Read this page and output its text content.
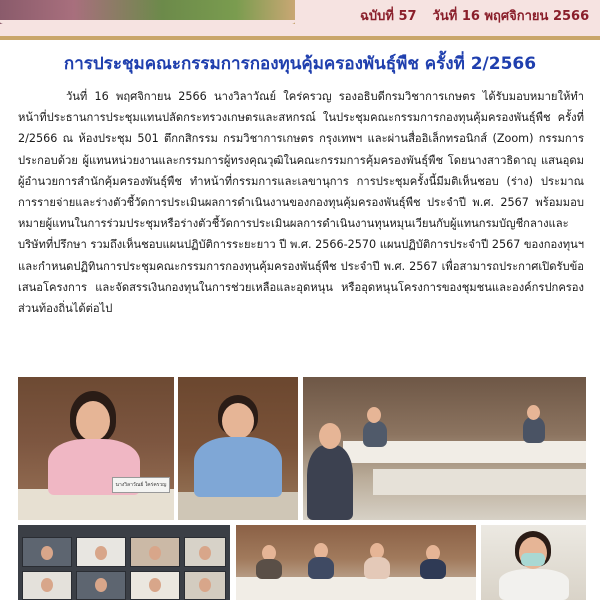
ฉบับที่ 57 วันที่ 16 พฤศจิกายน 2566
การประชุมคณะกรรมการกองทุนคุ้มครองพันธุ์พืช ครั้งที่ 2/2566

วันที่ 16 พฤศจิกายน 2566 นางวิลาวัณย์ ใคร่ครวญ รองอธิบดีกรมวิชาการเกษตร ได้รับมอบหมายให้ทำหน้าที่ประธานการประชุมแทนปลัดกระทรวงเกษตรและสหกรณ์ ในประชุมคณะกรรมการกองทุนคุ้มครองพันธุ์พืช ครั้งที่ 2/2566 ณ ห้องประชุม 501 ตึกกสิกรรม กรมวิชาการเกษตร กรุงเทพฯ และผ่านสื่ออิเล็กทรอนิกส์ (Zoom) กรรมการประกอบด้วย ผู้แทนหน่วยงานและกรรมการผู้ทรงคุณวุฒิในคณะกรรมการคุ้มครองพันธุ์พืช โดยนางสาวธิดาญุ แสนอุดม ผู้อำนวยการสำนักคุ้มครองพันธุ์พืช ทำหน้าที่กรรมการและเลขานุการ การประชุมครั้งนี้มีมติเห็นชอบ (ร่าง) ประมาณการรายจ่ายและร่างตัวชี้วัดการประเมินผลการดำเนินงานของกองทุนคุ้มครองพันธุ์พืช ประจำปี พ.ศ. 2567 พร้อมมอบหมายผู้แทนในการร่วมประชุมหรือร่างตัวชี้วัดการประเมินผลการดำเนินงานทุนหมุนเวียนกับผู้แทนกรมบัญชีกลางและบริษัทที่ปรึกษา รวมถึงเห็นชอบแผนปฏิบัติการระยะยาว ปี พ.ศ. 2566-2570 แผนปฏิบัติการประจำปี 2567 ของกองทุนฯ และกำหนดปฏิทินการประชุมคณะกรรมการกองทุนคุ้มครองพันธุ์พืช ประจำปี พ.ศ. 2567 เพื่อสามารถประกาศเปิดรับข้อเสนอโครงการ และจัดสรรเงินกองทุนในการช่วยเหลือและอุดหนุน หรืออุดหนุนโครงการของชุมชนและองค์กรปกครองส่วนท้องถิ่นได้ต่อไป

นางวิลาวัณย์ ใคร่ครวญ
